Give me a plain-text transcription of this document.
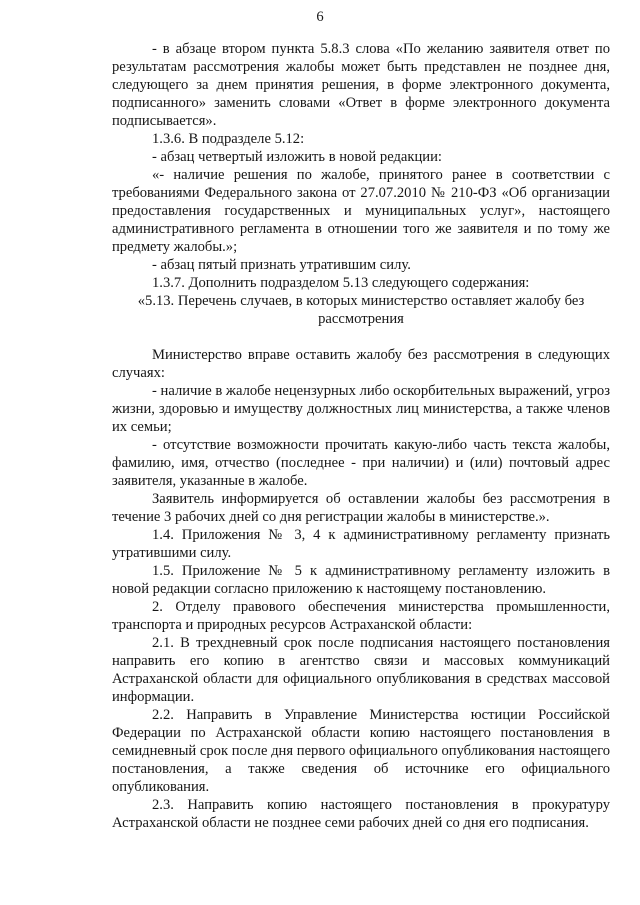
6
- в абзаце втором пункта 5.8.3 слова «По желанию заявителя ответ по результатам рассмотрения жалобы может быть представлен не позднее дня, следующего за днем принятия решения, в форме электронного документа, подписанного» заменить словами «Ответ в форме электронного документа подписывается».
1.3.6. В подразделе 5.12:
- абзац четвертый изложить в новой редакции:
«- наличие решения по жалобе, принятого ранее в соответствии с требованиями Федерального закона от 27.07.2010 № 210-ФЗ «Об организации предоставления государственных и муниципальных услуг», настоящего административного регламента в отношении того же заявителя и по тому же предмету жалобы.»;
- абзац пятый признать утратившим силу.
1.3.7. Дополнить подразделом 5.13 следующего содержания:
«5.13. Перечень случаев, в которых министерство оставляет жалобу без рассмотрения
Министерство вправе оставить жалобу без рассмотрения в следующих случаях:
- наличие в жалобе нецензурных либо оскорбительных выражений, угроз жизни, здоровью и имуществу должностных лиц министерства, а также членов их семьи;
- отсутствие возможности прочитать какую-либо часть текста жалобы, фамилию, имя, отчество (последнее - при наличии) и (или) почтовый адрес заявителя, указанные в жалобе.
Заявитель информируется об оставлении жалобы без рассмотрения в течение 3 рабочих дней со дня регистрации жалобы в министерстве.».
1.4. Приложения № 3, 4 к административному регламенту признать утратившими силу.
1.5. Приложение № 5 к административному регламенту изложить в новой редакции согласно приложению к настоящему постановлению.
2. Отделу правового обеспечения министерства промышленности, транспорта и природных ресурсов Астраханской области:
2.1. В трехдневный срок после подписания настоящего постановления направить его копию в агентство связи и массовых коммуникаций Астраханской области для официального опубликования в средствах массовой информации.
2.2. Направить в Управление Министерства юстиции Российской Федерации по Астраханской области копию настоящего постановления в семидневный срок после дня первого официального опубликования настоящего постановления, а также сведения об источнике его официального опубликования.
2.3. Направить копию настоящего постановления в прокуратуру Астраханской области не позднее семи рабочих дней со дня его подписания.
